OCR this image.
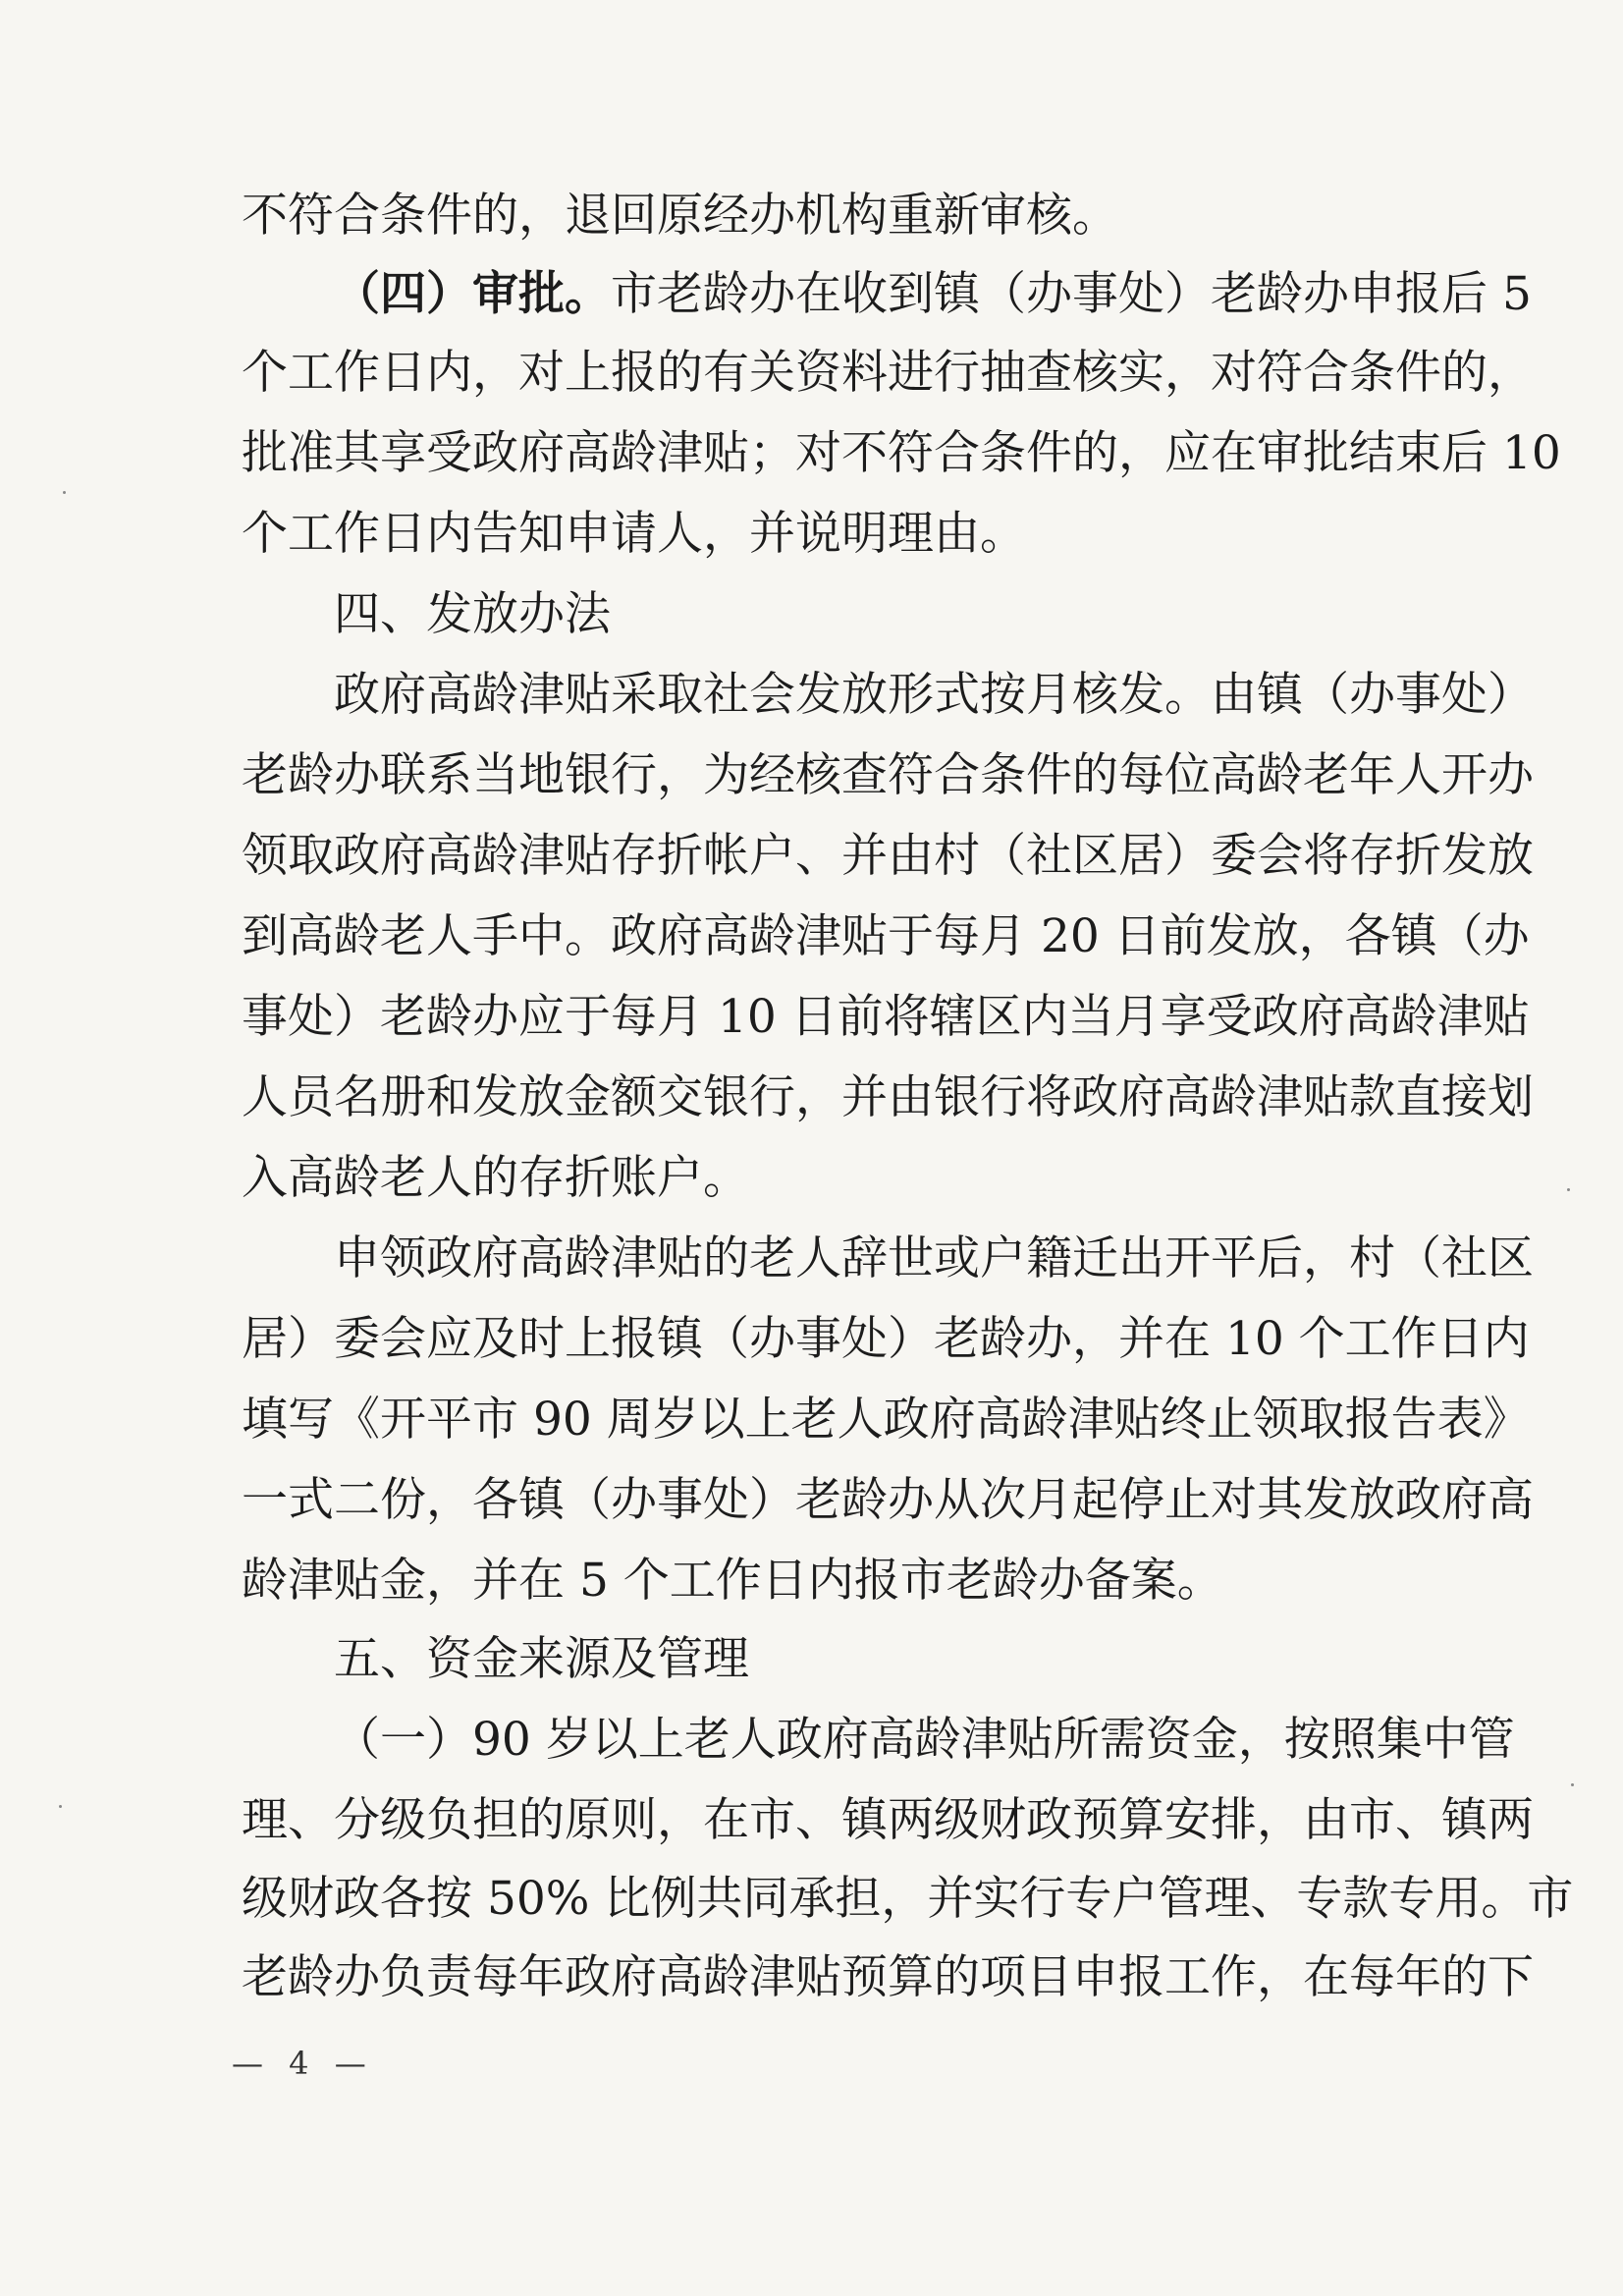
不符合条件的，退回原经办机构重新审核。
（四）审批。市老龄办在收到镇（办事处）老龄办申报后 5
个工作日内，对上报的有关资料进行抽查核实，对符合条件的，
批准其享受政府高龄津贴；对不符合条件的，应在审批结束后 10
个工作日内告知申请人，并说明理由。
四、发放办法
政府高龄津贴采取社会发放形式按月核发。由镇（办事处）
老龄办联系当地银行，为经核查符合条件的每位高龄老年人开办
领取政府高龄津贴存折帐户、并由村（社区居）委会将存折发放
到高龄老人手中。政府高龄津贴于每月 20 日前发放，各镇（办
事处）老龄办应于每月 10 日前将辖区内当月享受政府高龄津贴
人员名册和发放金额交银行，并由银行将政府高龄津贴款直接划
入高龄老人的存折账户。
申领政府高龄津贴的老人辞世或户籍迁出开平后，村（社区
居）委会应及时上报镇（办事处）老龄办，并在 10 个工作日内
填写《开平市 90 周岁以上老人政府高龄津贴终止领取报告表》
一式二份，各镇（办事处）老龄办从次月起停止对其发放政府高
龄津贴金，并在 5 个工作日内报市老龄办备案。
五、资金来源及管理
（一）90 岁以上老人政府高龄津贴所需资金，按照集中管
理、分级负担的原则，在市、镇两级财政预算安排，由市、镇两
级财政各按 50% 比例共同承担，并实行专户管理、专款专用。市
老龄办负责每年政府高龄津贴预算的项目申报工作，在每年的下
— 4 —
